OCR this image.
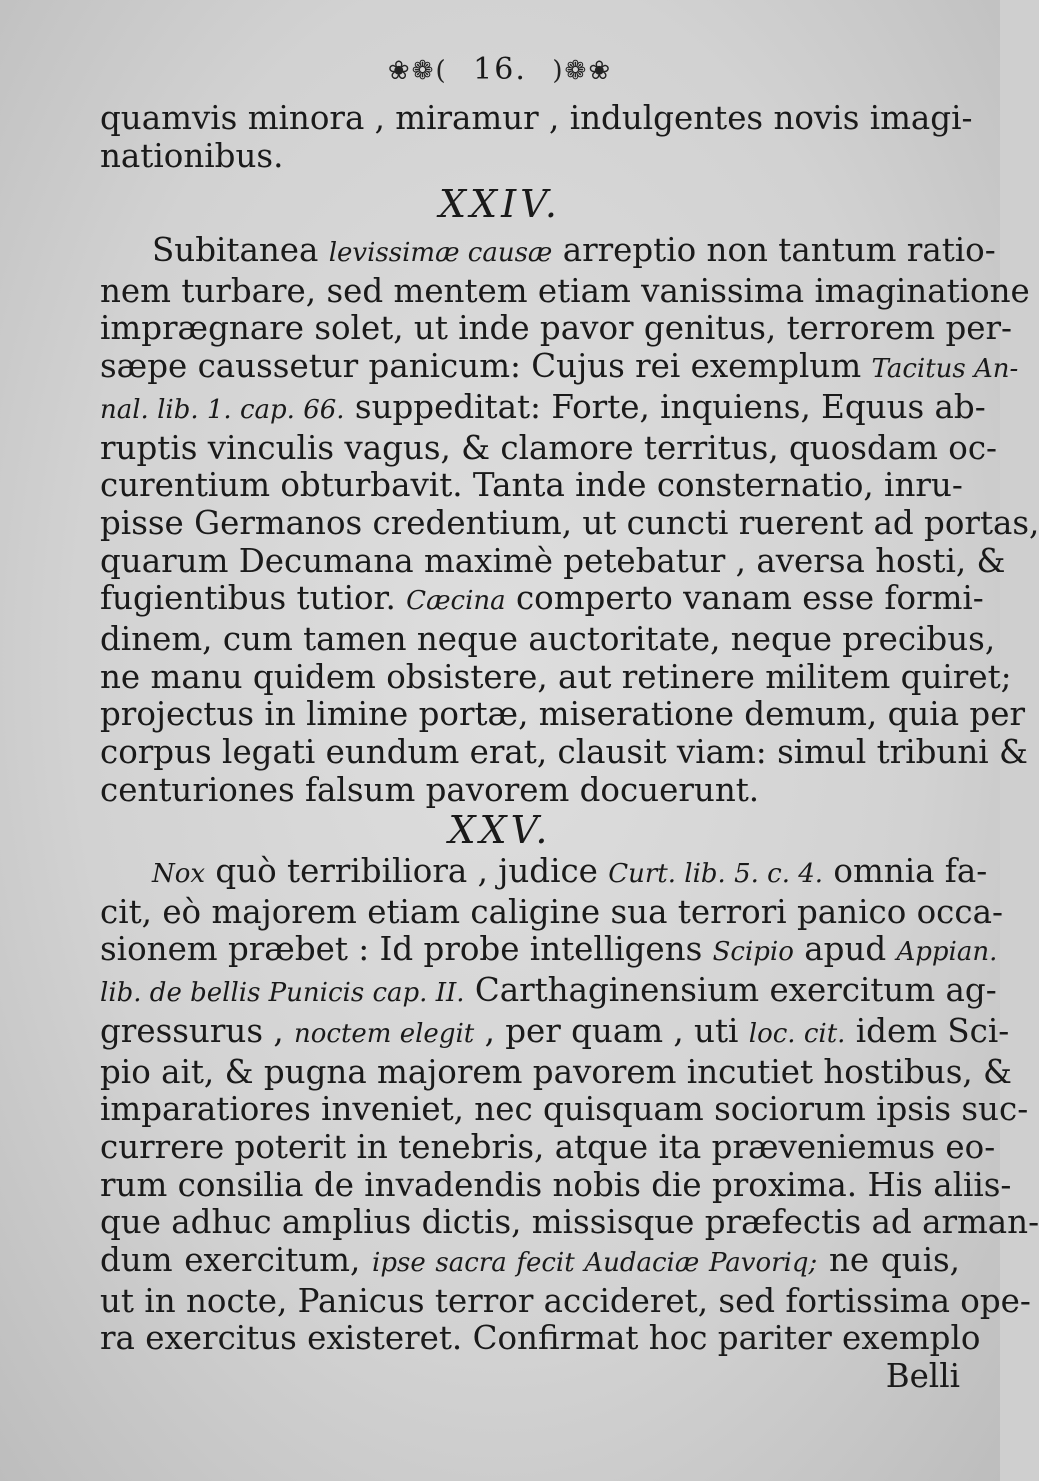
❀❁( 16. )❁❀
quamvis minora , miramur , indulgentes novis imagi-
nationibus.
XXIV.
Subitanea levissimæ causæ arreptio non tantum ratio-
nem turbare, sed mentem etiam vanissima imaginatione
imprægnare solet, ut inde pavor genitus, terrorem per-
sæpe caussetur panicum: Cujus rei exemplum Tacitus An-
nal. lib. 1. cap. 66. suppeditat: Forte, inquiens, Equus ab-
ruptis vinculis vagus, & clamore territus, quosdam oc-
curentium obturbavit. Tanta inde consternatio, inru-
pisse Germanos credentium, ut cuncti ruerent ad portas,
quarum Decumana maximè petebatur , aversa hosti, &
fugientibus tutior. Cæcina comperto vanam esse formi-
dinem, cum tamen neque auctoritate, neque precibus,
ne manu quidem obsistere, aut retinere militem quiret;
projectus in limine portæ, miseratione demum, quia per
corpus legati eundum erat, clausit viam: simul tribuni &
centuriones falsum pavorem docuerunt.
XXV.
Nox quò terribiliora , judice Curt. lib. 5. c. 4. omnia fa-
cit, eò majorem etiam caligine sua terrori panico occa-
sionem præbet : Id probe intelligens Scipio apud Appian.
lib. de bellis Punicis cap. II. Carthaginensium exercitum ag-
gressurus , noctem elegit , per quam , uti loc. cit. idem Sci-
pio ait, & pugna majorem pavorem incutiet hostibus, &
imparatiores inveniet, nec quisquam sociorum ipsis suc-
currere poterit in tenebris, atque ita præveniemus eo-
rum consilia de invadendis nobis die proxima. His aliis-
que adhuc amplius dictis, missisque præfectis ad arman-
dum exercitum, ipse sacra fecit Audaciæ Pavoriq; ne quis,
ut in nocte, Panicus terror accideret, sed fortissima ope-
ra exercitus existeret. Confirmat hoc pariter exemplo
Belli
